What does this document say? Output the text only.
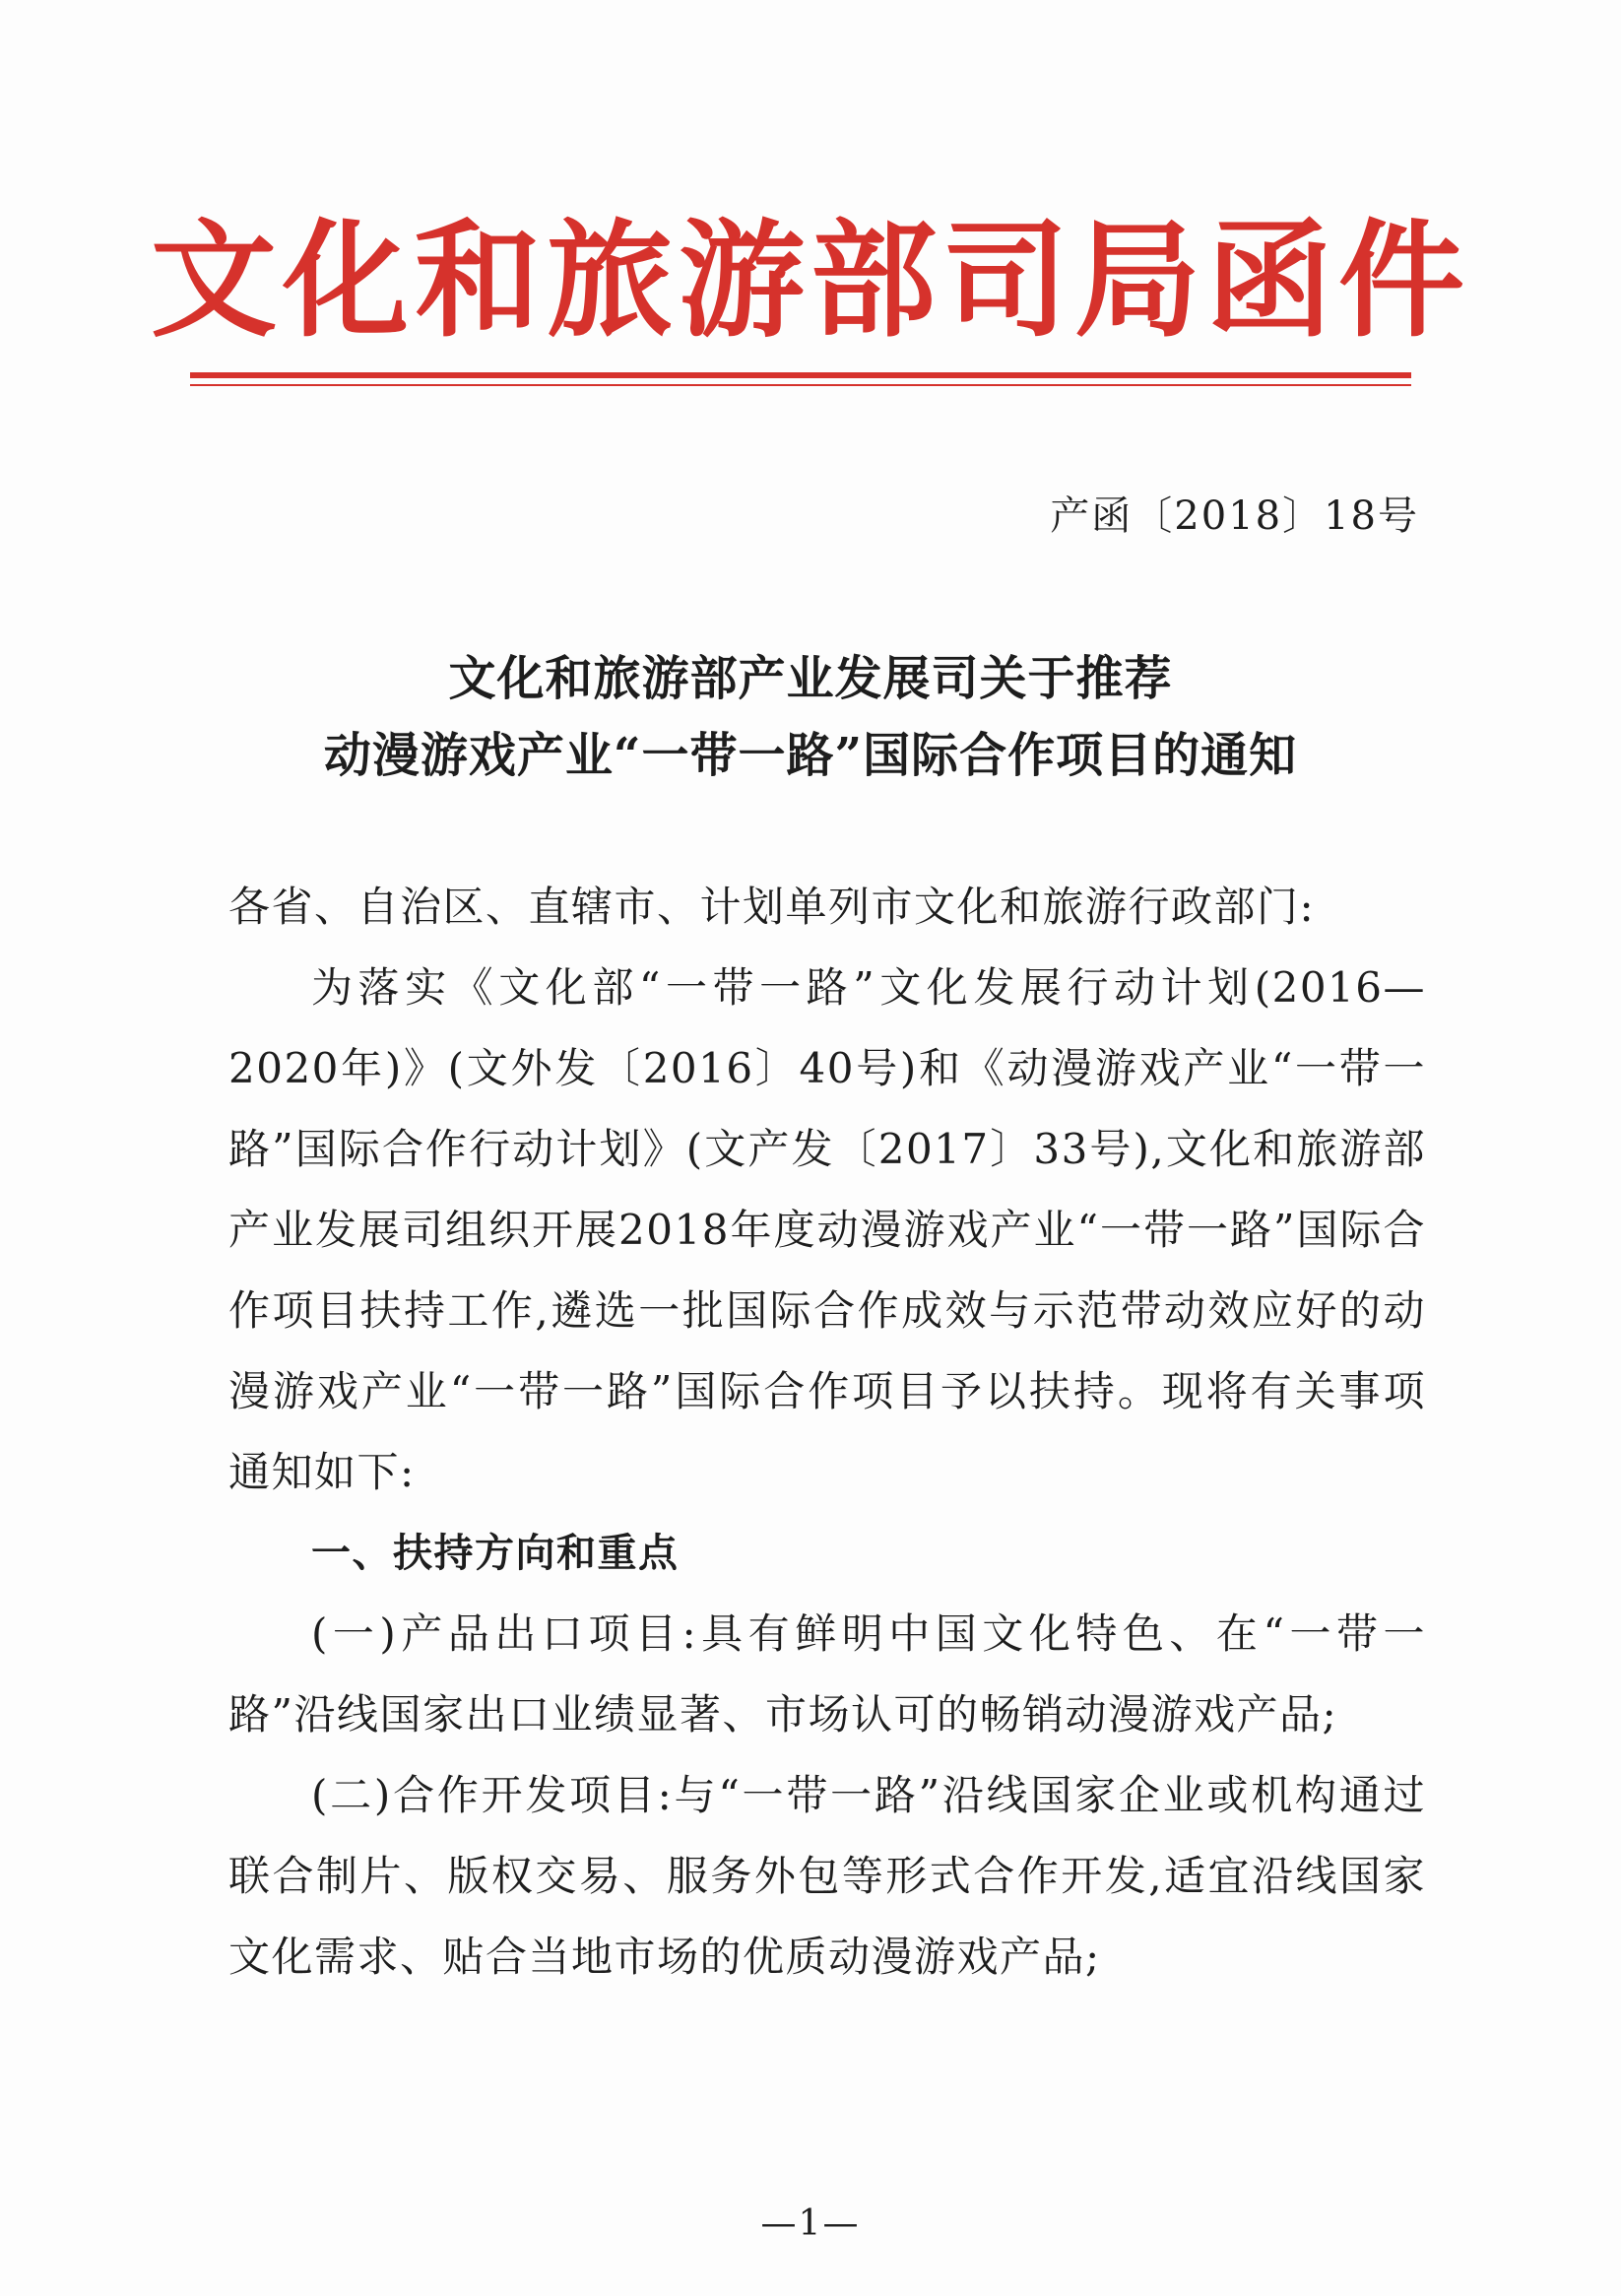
文化和旅游部司局函件
产函〔2018〕18号
文化和旅游部产业发展司关于推荐
动漫游戏产业“一带一路”国际合作项目的通知

各省、自治区、直辖市、计划单列市文化和旅游行政部门:

为落实《文化部“一带一路”文化发展行动计划(2016—2020年)》(文外发〔2016〕40号)和《动漫游戏产业“一带一路”国际合作行动计划》(文产发〔2017〕33号),文化和旅游部产业发展司组织开展2018年度动漫游戏产业“一带一路”国际合作项目扶持工作,遴选一批国际合作成效与示范带动效应好的动漫游戏产业“一带一路”国际合作项目予以扶持。现将有关事项通知如下:

一、扶持方向和重点

(一)产品出口项目:具有鲜明中国文化特色、在“一带一路”沿线国家出口业绩显著、市场认可的畅销动漫游戏产品;

(二)合作开发项目:与“一带一路”沿线国家企业或机构通过联合制片、版权交易、服务外包等形式合作开发,适宜沿线国家文化需求、贴合当地市场的优质动漫游戏产品;

—1—
